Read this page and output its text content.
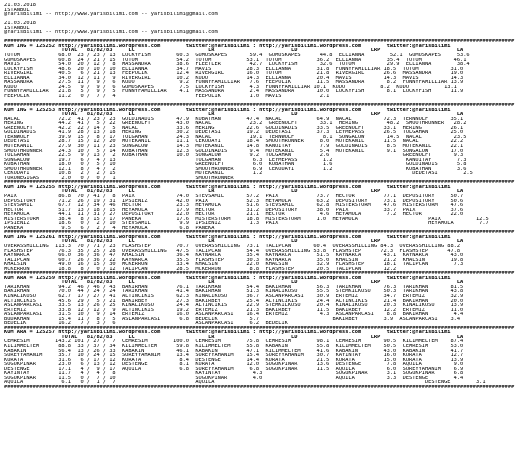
21.03.2018
ISTANBUL
@YarisBilimi -- http://www.yarisbilimi.com -- yarisbilimi@gmail.com
21.03.2018
ISTANBUL
@YarisBilimi -- http://www.yarisbilimi.com -- yarisbilimi@gmail.com
################################################################################################################################################################
KUM ING = 125252 http://yarisbilimi.wordpress.com        twitter:@YarisBilimi : http://yarisbilimi.wordpress.com        twitter:@YarisBilimi
TOTAL   81/82/83     LC                       LR                        LD                       LRP                        LA
TOTOM            68.0  23 / 23 / 13  LUCKYFISH        60.3  GUMUSKAPES       59.4  GUMUSKAPES      44.8  ELLIANNA        52.1  GUMUSKAPES     53.6
GUMUSKAPES       60.8  24 / 21 / 15  TOTOM            54.2  TOTOM           53.1  TOTOM           36.2  ELLIANNA        35.4  TOTOM          46.1
MAVIS            54.0  20 / 12 /  8  MASSANDRA        38.6  FLEETLER         42.7  LUCKYFISH       32.6  TOTOM          29.9  ELLIANNA        38.4
LUCKYFISH        48.6  20 / 10 / 10  ELLIANNA         34.7  MAVIS           28.3  ELLIANNA        31.8  FUNNYFAMILLIAR 18.5  TOTOM          31.0
RIVERGIRL        40.5   6 / 21 / 13  FEEPOLIK         12.4  RIVERGIRL       16.0  TOTOM           21.8  RIVERGIRL      26.6  MASSANDRA      19.0
ELLIANNA         34.0  12 / 11 /  9  RIVERGIRL        10.2  KUDO            14.3  ELLIANNA        20.4  MAVIS          14.3  MAVIS          14.3
MASSANDRA        27.5  11 /  9 /  6  KUDO              9.2  FUNNYFAMILLIAR   7.6  FEEPOLIK        11.5  MASSANDRA       8.2  FUNNYFAMILLIAR 13.9
KUDO             24.5   9 /  9 /  6  GUMUSKAPES        7.5  LUCKYFISH        4.3  FUNNYFAMILLIAR 10.1  KUDO           8.2  KUDO           13.1
FUNNYFAMILLIAR   21.8   5 /  9 /  5  FUNNYFAMILLIAR    4.1  MASSANDRA        2.4  MASSANDRA       10.0  LUCKYFISH       8.1  LUCKYFISH      11.9
FEEPOLIK         11.2   0 /  7 /  4                         FEEPOLIK         1.0  MAVIS            2.1
################################################################################################################################################################
KUM ING = 125253 http://yarisbilimi.wordpress.com        twitter:@YarisBilimi : http://yarisbilimi.wordpress.com        twitter:@YarisBilimi
TOTAL   81/82/83     LC                       LR                        LD                       LRP                        LA
NACAL            72.2  41 / 23 / 23  GOLDINADIS       47.9  KOBATHAN        47.4  NACAL           64.9  NACAL          72.3  TERNNOLF       35.1
HERING           44.2  41 /  5 / 22  GREENOLFT        43.0  NACAL            23.2  GREENOLFT       33.1  HERING         48.2  SMOOTHRUNNER   28.2
GREENOLFT        42.2  22 / 14 /  5  NACAL            33.6  HERING          22.6  GOLDINADIS      33.5  GREENOLFT      33.1  HERING         26.1
GOLDINADIS       41.9  28 / 13 / 18  HERING           30.2  DEDETASI        19.2  DEDETASI        37.3  LEYMEPASS      26.5  TOLGAHAN       25.0
TERNWOLF         39.9  15 /  8 / 17  TOLGAHAN         24.3  NACAL            19.1  TERNWOLF         8.1  SONGALOW       14.5  NACAL          23.5
DEDETASI         28.7  15 / 12 / 20  MUTEKANIL        11.1  CEKODAYI        18.4  SMOOTHRUNNER     8.0  MUTEKANIL      11.5  NACAL          22.2
MUTEKANIL        27.9  30 / 11 / 23  SONGALOW         14.3  MUTEKANIL       14.8  KANUITAY         7.9  GOLDINADIS      8.5  MUTEKANIL      22.1
SMOOTHRUNNER     24.3  10 /  5 / 14  KOBATHAN         12.3  GOLDINADIS       9.4  MUTEKANIL        5.4  MUTEKANIL       9.1  SONGALOW       17.0
TOLGAHAN         22.5   9 / 13 /  2  KOBATHAN         10.0  SONGALOW         9.2  TOLGAHAN         2.6                       GREENOLFT       9.3
SONGALOW         19.7   6 /  4 / 13                         TOLGAHAN          6.3  LEYMEPASS        1.2                       KANUITAY        7.3
KOBATHAN         18.0   0 /  5 / 10                         GREENOLFT         6.0  KOBATHAN         1.6                       GOLDINADIS      5.8
SMOOTHRUNNER     12.1   8 /  4 /  2                         SMOOTHRUNNER      6.9  CEKODAYI         1.2                       KOBATHAN        3.6
CEKODAYI         10.8   2 /  2 / 15                         MUTEKANIL         1.2                                               DEDETASI        2.5
TORONEGIGAS       2.0   0 /  0 /  1                         SMOOTHRUNNER
################################################################################################################################################################
KUM ING = 125255 http://yarisbilimi.wordpress.com        twitter:@YarisBilimi : http://yarisbilimi.wordpress.com        twitter:@YarisBilimi
TOTAL   81/82/83     LC                       LR                        LD                       LRP                        LA
PAIX             86.8  70 / 41 /  8  PAIX             74.0  STEVSAMIL       57.2  PAIX            73.7  HECTOR         77.1  DEPOSITORY     50.7
DEPOSITORY       71.2  26 / 19 / 31  IPSIENIZ         42.0  PAIX            52.3  HEYAMOLA        63.2  DEPOSITORY     73.1  DEPOSITORY     50.6
STEVSAMIL        67.7  12 / 34 / 46  HECTOR           23.3  HEYAMOLA        51.6  STEVSAMIL       62.8  MISTERSTORM    47.6  MISTERSTORM    47.6
HECTOR           51.7  13 / 18 / 15  HEYAMOLA         17.9  HECTOR          31.2  DEPOSITORY      38.0  PAIX           33.7  PAIX           37.6
HEYAMOLA         44.1  11 / 31 / 27  DEPOSITORY       22.0  HECTOR          21.1  HECTOR           4.6  HEYAMOLA        7.2  HECTOR         22.0
MISTERSTORM      38.4   8 / 15 / 17  PANEKA           17.6  MISTERSTORM     18.8  MISTERSTORM     1.0  HEYAMOLA                      PAIX           12.5
IPSIENIZ         18.6   0 /  2 / 10  STEVSAMIL         9.9  IPSIENIZ         1.3  PAIX                                               HEYAMOLA        7.7
PANEKA            9.5   6 /  2 /  4  HEYAMOLA          6.8  PANEKA
################################################################################################################################################################
KUM ING = 125261 http://yarisbilimi.wordpress.com        twitter:@YarisBilimi : http://yarisbilimi.wordpress.com        twitter:@YarisBilimi
TOTAL   81/82/83     LC                       LR                        LD                       LRP                        LA
OVERASSHILLING  113.3  70 / 71 / 23  FLASHSTEP        70.7  OVERASSHILLING  73.1  TALIPCAN       60.4  OVERASSHILLING 84.3  OVERASSHILLING 88.2
FLASHSTEP        76.3  35 / 25 / 28  OVERASSHILLING   47.5  TALIPCAN        54.4  OVERASSHILLING 53.8  FLASHSTEP      72.3  FLASHSTEP      47.8
KAYNARCA         66.0  36 / 36 / 47  KHALSIN          36.4  KAYNARCA        35.4  KAYNARCA        51.5  KAYNARCA       43.1  KAYNARCA       43.0
TALIPCAN         60.7  26 / 36 / 22  KAYNARCA         35.5  FLASHSTEP       30.3  KAYNARCA        35.0  KHALSIN        21.2  KHALSIN        19.8
KHALSIN          49.0  16 / 15 / 30  MCKERRON         33.4  KHALSIN         22.0  KHALSIN         32.9  FLASHSTEP      18.1  TALIPCAN        7.3
MCKERRON         18.8   8 /  0 / 12  TALIPCAN         28.5  MCKERRON         8.8  FLASHSTEP       20.5  TALIPCAN       12.2
################################################################################################################################################################
KUM ARA = 125259 http://yarisbilimi.wordpress.com        twitter:@YarisBilimi : http://yarisbilimi.wordpress.com        twitter:@YarisBilimi
TOTAL   81/82/83     LC                       LR                        LD                       LRP                        LA
TARIKHAN         94.2  46 / 46 / 43  BAKIRHAN         76.1  TARIKHAN        54.4  BAKIRHAN        56.3  TARIKHAN       76.3  TARIKHAN       81.5
BAKIRHAN         70.0  44 / 24 / 24  TARIKHAN         41.4  BAKIRHAN        51.3  KINALIKUSU      55.5  STEMKILKUSU    50.3  TARIKHAN       43.8
KINALIKUSU       62.7  17 / 27 / 41  ALTINCIKIS       62.3  KINALIKUSU      36.7  ASLANPARCASI    30.9  ERTEMIZ        34.7  ERTEMIZ        32.9
ALTINCIKIS       45.6  29 /  5 / 21  BAKIRBEY         27.3  BAKIRBEY        25.4  ALTINCIKIS      24.4  ALTINCIKIS     21.4  BAKIRHAN       20.0
ASLANPARCASI     33.5  13 / 26 / 25  KINALIKUSU       24.4  ALTINCIKIS      22.9  STEMKILKUSU     20.4  KINALIKUSU     20.3  KINALIKUSU     13.9
ERTEMIZ          33.8  12 / 12 /  9  ALTINCIKIS       19.2  ERTEMIZ         21.3  BAKIRBEY        11.5  BAKIRBEY       12.2  ERTEMIZ        11.0
ASLANPARCASI     31.5  10 /  9 / 14  ERTEMIZ          16.0  ASLANPARCASI    16.4  ERTEMIZ          4.3  ASLANPARCASI    8.8  BAKIRHAN        4.4
BUDAKHAN         15.4  11 /  8 /  5  ASLANPARCASI      6.8  BEDELIK          5.7                       BAKIRBEY        3.9  ASLANPARCASI    3.4
BEDELIK          16.2   7 /  3 /  6                         ASLANPARCASI     6.2  BEDELIK
################################################################################################################################################################
KUM ARA = 125257 http://yarisbilimi.wordpress.com        twitter:@YarisBilimi : http://yarisbilimi.wordpress.com        twitter:@YarisBilimi
TOTAL   81/82/83     LC                       LR                        LD                       LRP                        LA
CEMRESIM        143.2 101 / 27 /  7  CEMRESIM        100.0  CEMRESIM        75.8  CEMRESIM        98.1  CEMRESIM       90.5  KILIMMELTEM    87.4
KILIMMELTEM      88.8  33 / 37 / 34  KILIMMELTEM      59.8  KILIMMELTEM     55.8  KABAKIN         55.8  KILIMMELTEM    50.5  CEMRESIM       53.0
KABAKIN          56.4  13 / 26 / 33  KABAKIN          46.1  KABAKIN         47.1  KILIMMELTEM     41.6  KABAKIN        43.0  KABAKIN        41.7
SUREYYAHANIM     35.7  10 / 24 / 15  SUREYYAHANIM     13.4  SUREYYAHANIM    15.4  SUREYYAHANIM    30.7  KAYINTAY       16.0  KURATA         12.7
KURATA           31.6   6 / 17 / 12  KURATA            8.4  DESTENGE        14.4  KURATA          21.5  KURATA         15.0  KURATA         13.9
SOGUKPINAR       23.0   6 / 13 / 12  DESTENGE          8.1  KURATA          12.0  SOGUKPINAR      13.6  DESTENGE        7.8  AQUILA          9.0
DESTENGE         17.1   4 /  9 / 17  AQUILA            6.8  SUREYYAHANIM     6.8  SOGUKPINAR      11.5  AQUILA          6.0  SUREYYAHANIM    6.9
KAYINTAY         11.7   4 /  4 /  8                         KAYINTAY          4.3                       SOGUKPINAR      3.1  SOGUKPINAR      6.8
SOGUKPINAR       11.5   0 /  7 / 10                         SOGUKPINAR        4.0                       AQUILA          3.3  DESTENGE        4.4
AQUILA            6.1   0 /  1 /  7                         AQUILA                                                                  DESTENGE        3.1
################################################################################################################################################################
